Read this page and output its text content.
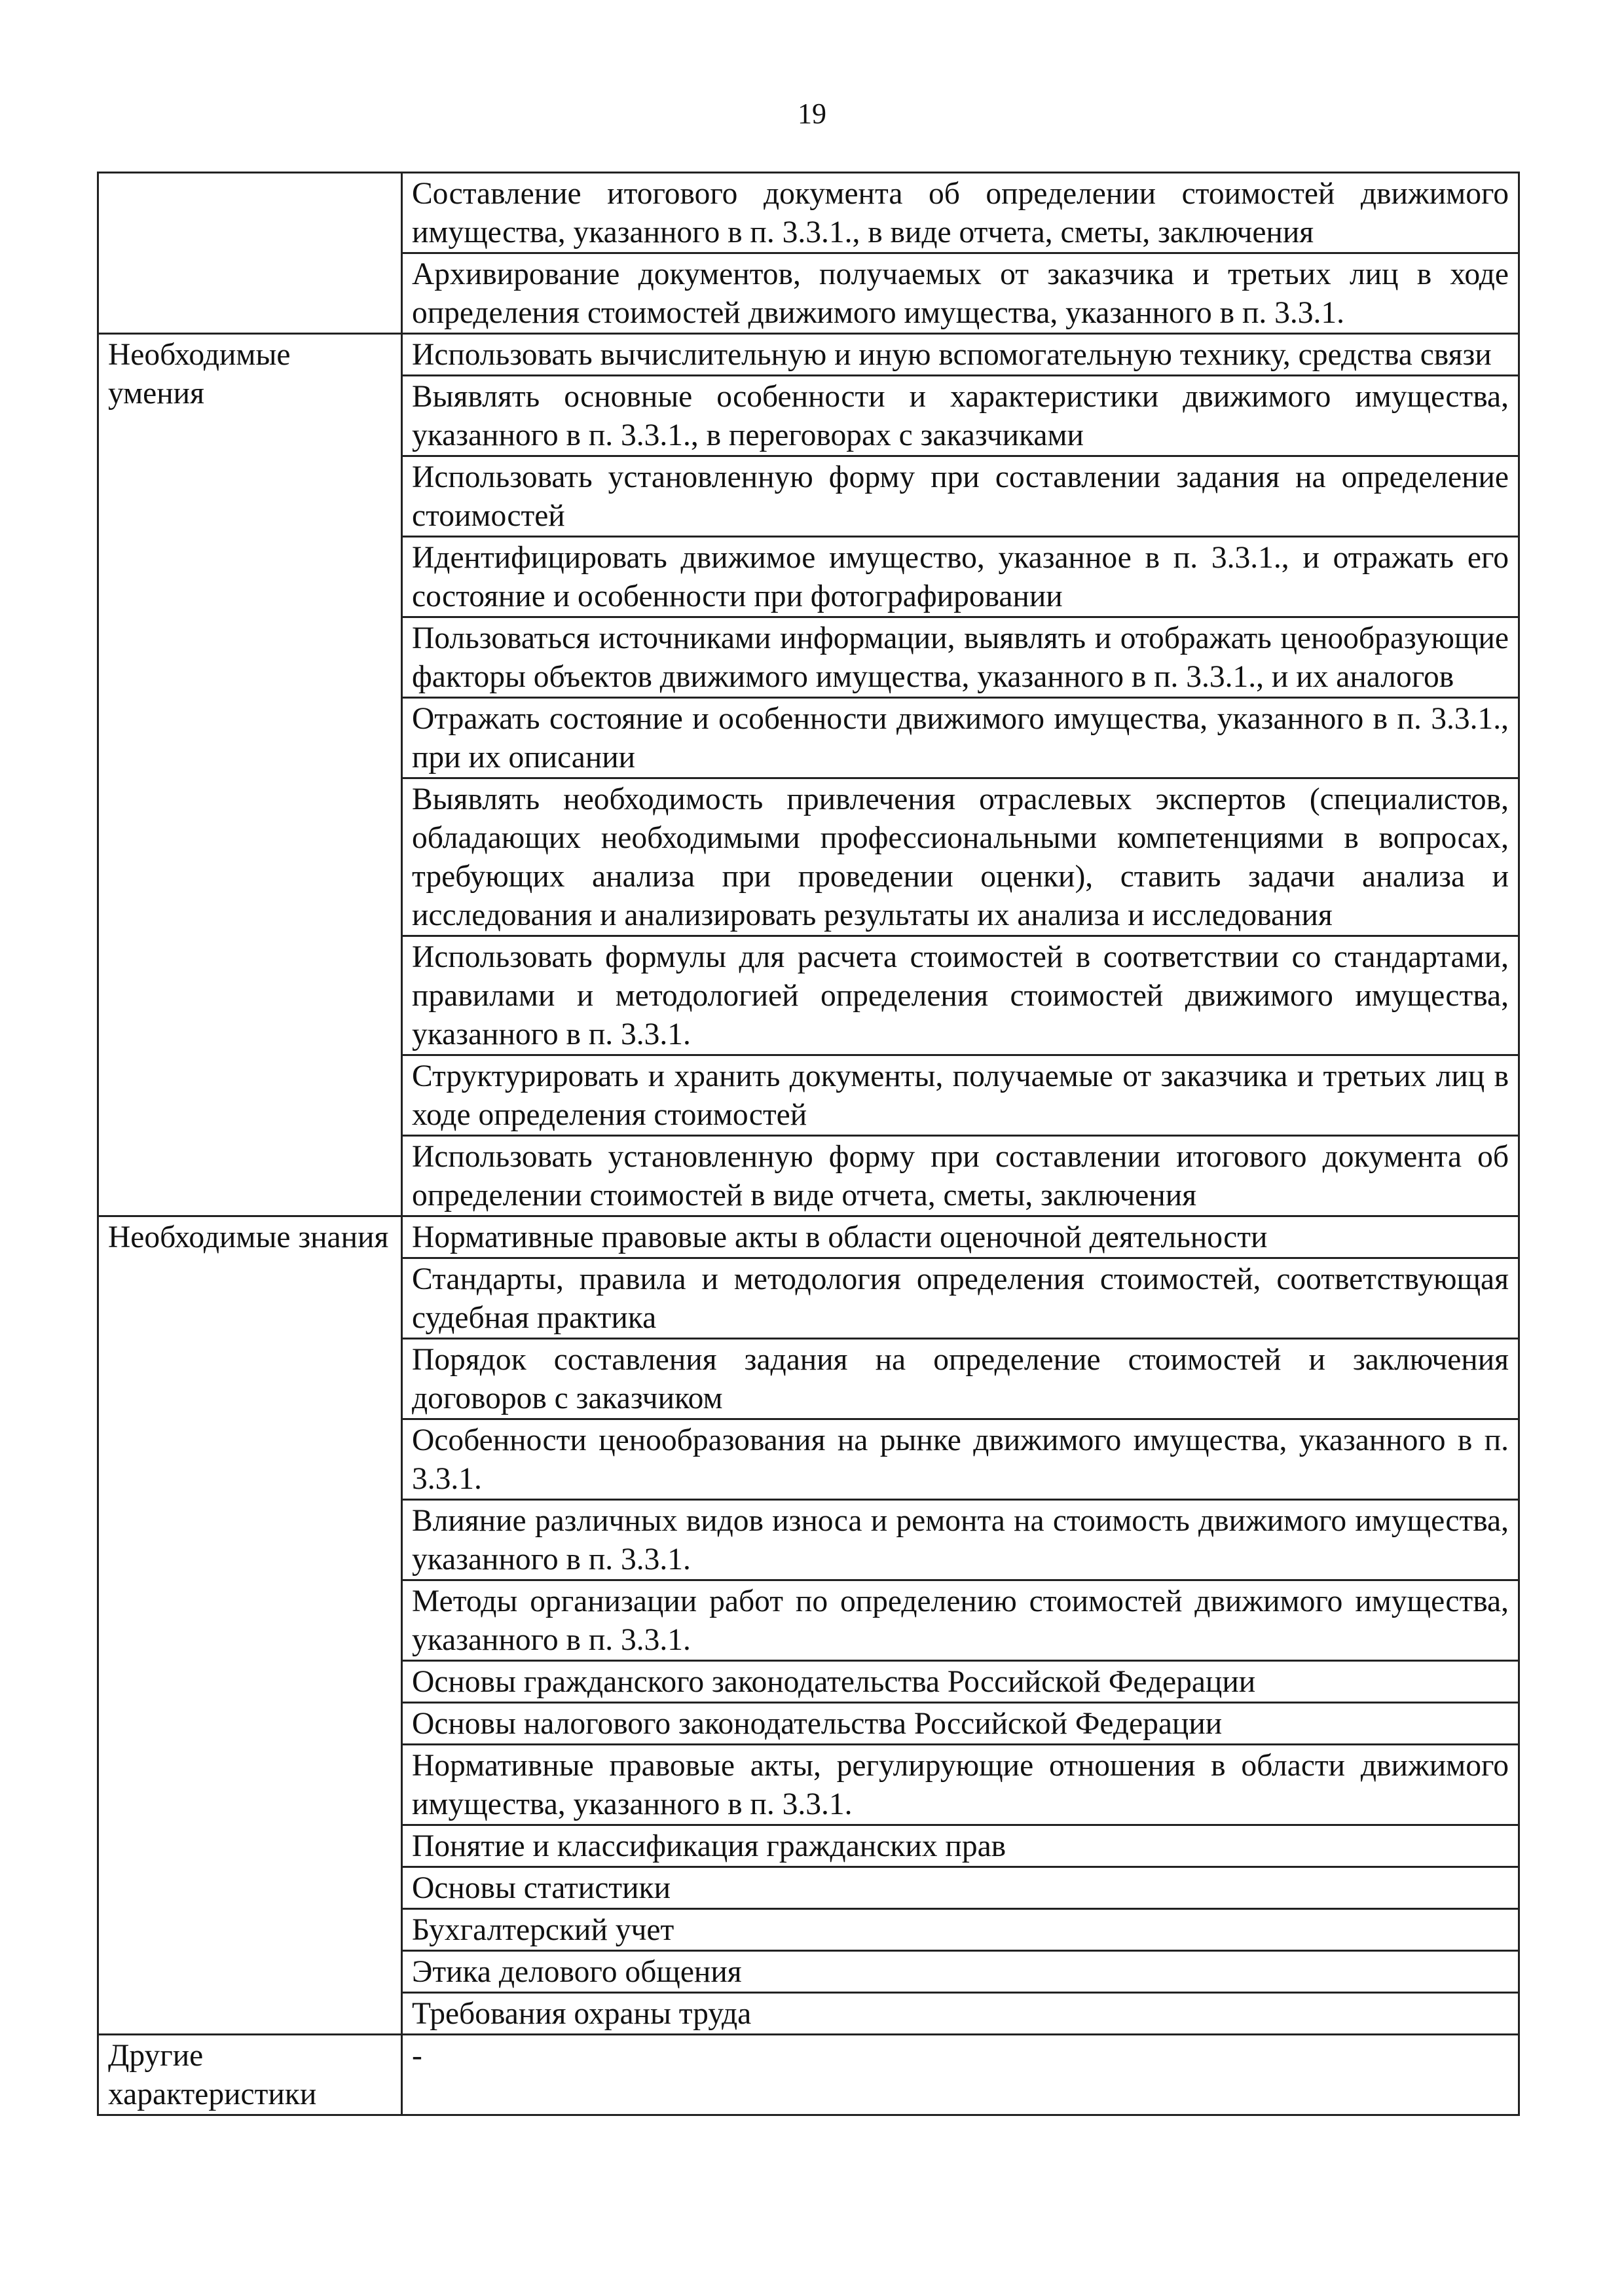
19
	Составление итогового документа об определении стоимостей движимого имущества, указанного в п. 3.3.1., в виде отчета, сметы, заключения
	Архивирование документов, получаемых от заказчика и третьих лиц в ходе определения стоимостей движимого имущества, указанного в п. 3.3.1.
Необходимые умения	Использовать вычислительную и иную вспомогательную технику, средства связи
	Выявлять основные особенности и характеристики движимого имущества, указанного в п. 3.3.1., в переговорах с заказчиками
	Использовать установленную форму при составлении задания на определение стоимостей
	Идентифицировать движимое имущество, указанное в п. 3.3.1., и отражать его состояние и особенности при фотографировании
	Пользоваться источниками информации, выявлять и отображать ценообразующие факторы объектов движимого имущества, указанного в п. 3.3.1., и их аналогов
	Отражать состояние и особенности движимого имущества, указанного в п. 3.3.1., при их описании
	Выявлять необходимость привлечения отраслевых экспертов (специалистов, обладающих необходимыми профессиональными компетенциями в вопросах, требующих анализа при проведении оценки), ставить задачи анализа и исследования и анализировать результаты их анализа и исследования
	Использовать формулы для расчета стоимостей в соответствии со стандартами, правилами и методологией определения стоимостей движимого имущества, указанного в п. 3.3.1.
	Структурировать и хранить документы, получаемые от заказчика и третьих лиц в ходе определения стоимостей
	Использовать установленную форму при составлении итогового документа об определении стоимостей в виде отчета, сметы, заключения
Необходимые знания	Нормативные правовые акты в области оценочной деятельности
	Стандарты, правила и методология определения стоимостей, соответствующая судебная практика
	Порядок составления задания на определение стоимостей и заключения договоров с заказчиком
	Особенности ценообразования на рынке движимого имущества, указанного в п. 3.3.1.
	Влияние различных видов износа и ремонта на стоимость движимого имущества, указанного в п. 3.3.1.
	Методы организации работ по определению стоимостей движимого имущества, указанного в п. 3.3.1.
	Основы гражданского законодательства Российской Федерации
	Основы налогового законодательства Российской Федерации
	Нормативные правовые акты, регулирующие отношения в области движимого имущества, указанного в п. 3.3.1.
	Понятие и классификация гражданских прав
	Основы статистики
	Бухгалтерский учет
	Этика делового общения
	Требования охраны труда
Другие характеристики	-
